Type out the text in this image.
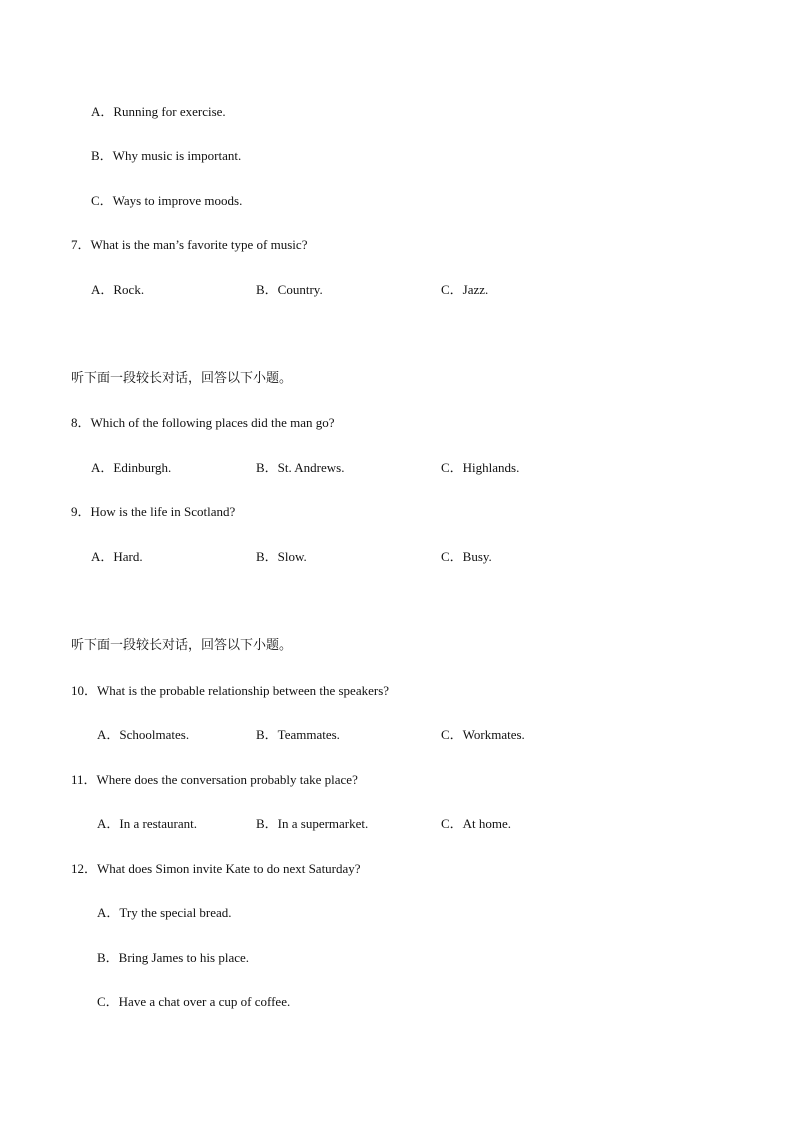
A．Running for exercise.
B．Why music is important.
C．Ways to improve moods.
7．What is the man’s favorite type of music?
A．Rock.	B．Country.	C．Jazz.
听下面一段较长对话，回答以下小题。
8．Which of the following places did the man go?
A．Edinburgh.	B．St. Andrews.	C．Highlands.
9．How is the life in Scotland?
A．Hard.	B．Slow.	C．Busy.
听下面一段较长对话，回答以下小题。
10．What is the probable relationship between the speakers?
A．Schoolmates.	B．Teammates.	C．Workmates.
11．Where does the conversation probably take place?
A．In a restaurant.	B．In a supermarket.	C．At home.
12．What does Simon invite Kate to do next Saturday?
A．Try the special bread.
B．Bring James to his place.
C．Have a chat over a cup of coffee.
